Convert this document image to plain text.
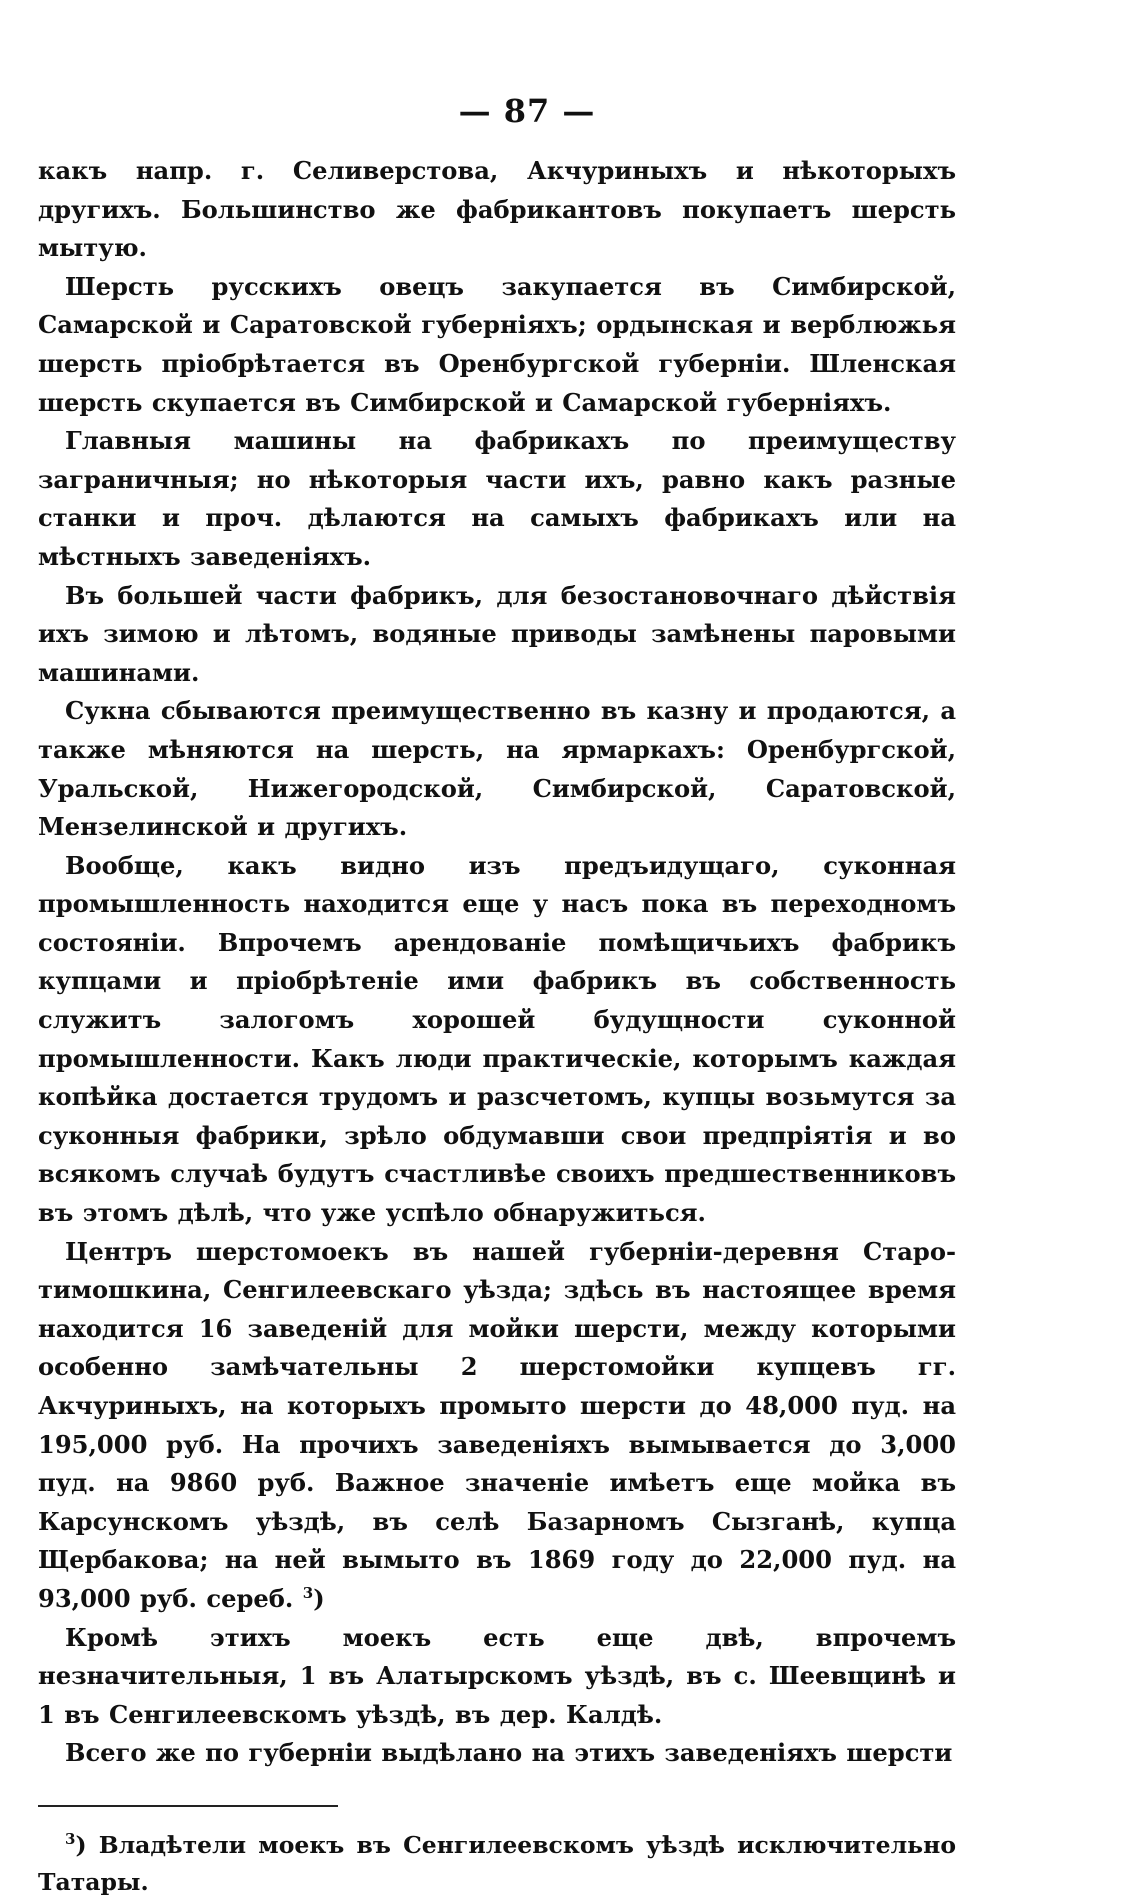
— 87 —

какъ напр. г. Селиверстова, Акчуриныхъ и нѣкоторыхъ другихъ. Большинство же фабрикантовъ покупаетъ шерсть мытую.

Шерсть русскихъ овецъ закупается въ Симбирской, Самарской и Саратовской губерніяхъ; ордынская и верблюжья шерсть пріобрѣтается въ Оренбургской губерніи. Шленская шерсть скупается въ Симбирской и Самарской губерніяхъ.

Главныя машины на фабрикахъ по преимуществу заграничныя; но нѣкоторыя части ихъ, равно какъ разные станки и проч. дѣлаются на самыхъ фабрикахъ или на мѣстныхъ заведеніяхъ.

Въ большей части фабрикъ, для безостановочнаго дѣйствія ихъ зимою и лѣтомъ, водяные приводы замѣнены паровыми машинами.

Сукна сбываются преимущественно въ казну и продаются, а также мѣняются на шерсть, на ярмаркахъ: Оренбургской, Уральской, Нижегородской, Симбирской, Саратовской, Мензелинской и другихъ.

Вообще, какъ видно изъ предъидущаго, суконная промышленность находится еще у насъ пока въ переходномъ состояніи. Впрочемъ арендованіе помѣщичьихъ фабрикъ купцами и пріобрѣтеніе ими фабрикъ въ собственность служитъ залогомъ хорошей будущности суконной промышленности. Какъ люди практическіе, которымъ каждая копѣйка достается трудомъ и разсчетомъ, купцы возьмутся за суконныя фабрики, зрѣло обдумавши свои предпріятія и во всякомъ случаѣ будутъ счастливѣе своихъ предшественниковъ въ этомъ дѣлѣ, что уже успѣло обнаружиться.

Центръ шерстомоекъ въ нашей губерніи-деревня Старо-тимошкина, Сенгилеевскаго уѣзда; здѣсь въ настоящее время находится 16 заведеній для мойки шерсти, между которыми особенно замѣчательны 2 шерстомойки купцевъ гг. Акчуриныхъ, на которыхъ промыто шерсти до 48,000 пуд. на 195,000 руб. На прочихъ заведеніяхъ вымывается до 3,000 пуд. на 9860 руб. Важное значеніе имѣетъ еще мойка въ Карсунскомъ уѣздѣ, въ селѣ Базарномъ Сызганѣ, купца Щербакова; на ней вымыто въ 1869 году до 22,000 пуд. на 93,000 руб. сереб. $^3$)

Кромѣ этихъ моекъ есть еще двѣ, впрочемъ незначительныя, 1 въ Алатырскомъ уѣздѣ, въ с. Шеевщинѣ и 1 въ Сенгилеевскомъ уѣздѣ, въ дер. Калдѣ.

Всего же по губерніи выдѣлано на этихъ заведеніяхъ шерсти

$^3$) Владѣтели моекъ въ Сенгилеевскомъ уѣздѣ исключительно Татары.
